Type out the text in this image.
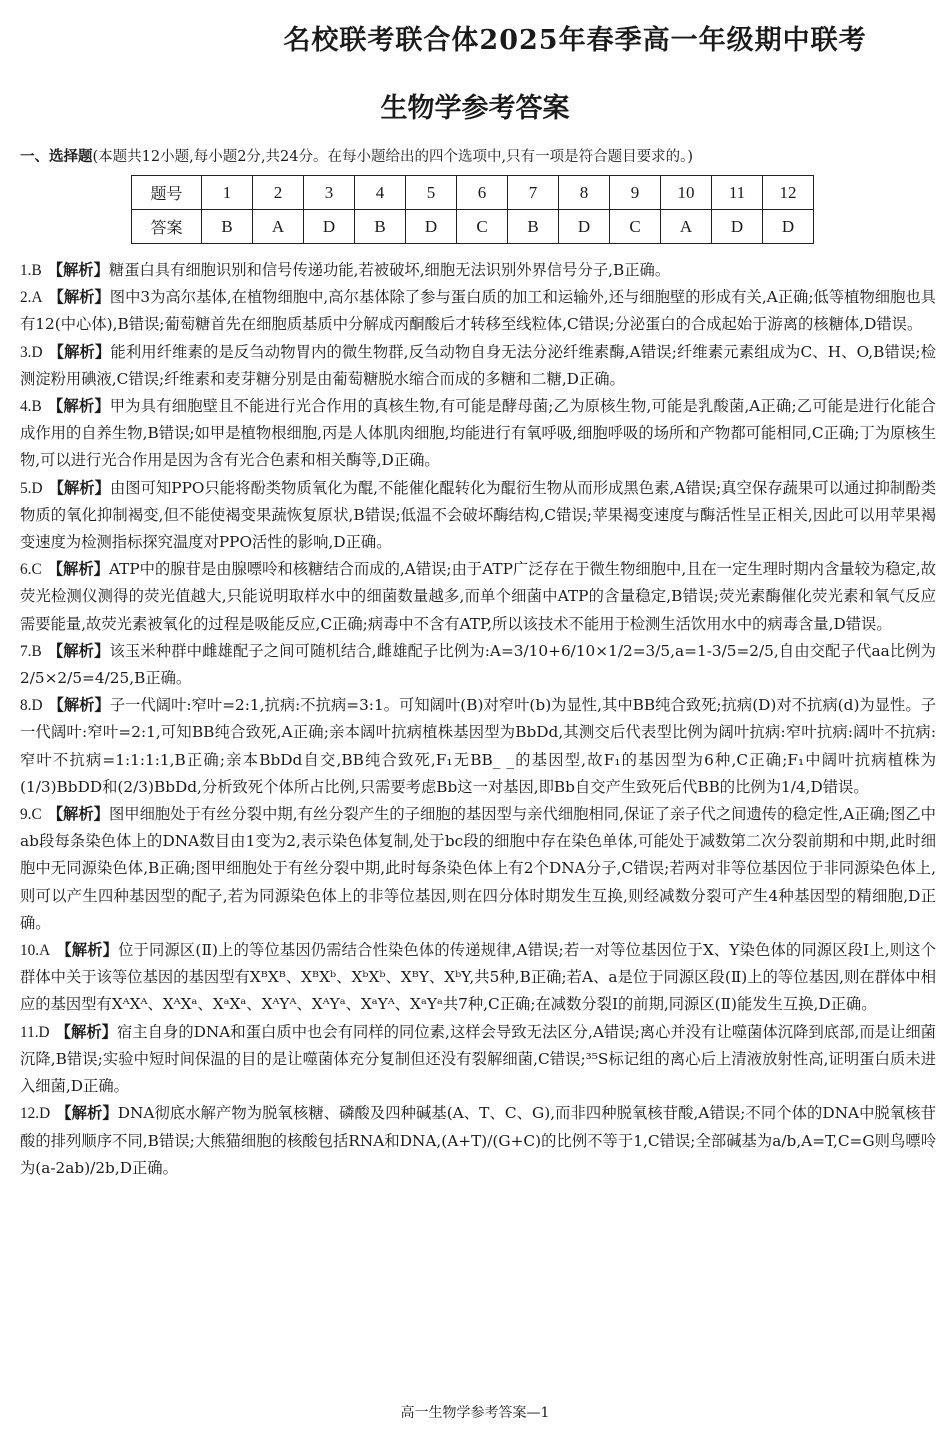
名校联考联合体2025年春季高一年级期中联考
生物学参考答案
一、选择题(本题共12小题,每小题2分,共24分。在每小题给出的四个选项中,只有一项是符合题目要求的。)
题号	1	2	3	4	5	6	7	8	9	10	11	12
答案	B	A	D	B	D	C	B	D	C	A	D	D
1.B 【解析】糖蛋白具有细胞识别和信号传递功能,若被破坏,细胞无法识别外界信号分子,B正确。
2.A 【解析】图中3为高尔基体,在植物细胞中,高尔基体除了参与蛋白质的加工和运输外,还与细胞壁的形成有关,A正确;低等植物细胞也具有12(中心体),B错误;葡萄糖首先在细胞质基质中分解成丙酮酸后才转移至线粒体,C错误;分泌蛋白的合成起始于游离的核糖体,D错误。
3.D 【解析】能利用纤维素的是反刍动物胃内的微生物群,反刍动物自身无法分泌纤维素酶,A错误;纤维素元素组成为C、H、O,B错误;检测淀粉用碘液,C错误;纤维素和麦芽糖分别是由葡萄糖脱水缩合而成的多糖和二糖,D正确。
4.B 【解析】甲为具有细胞壁且不能进行光合作用的真核生物,有可能是酵母菌;乙为原核生物,可能是乳酸菌,A正确;乙可能是进行化能合成作用的自养生物,B错误;如甲是植物根细胞,丙是人体肌肉细胞,均能进行有氧呼吸,细胞呼吸的场所和产物都可能相同,C正确;丁为原核生物,可以进行光合作用是因为含有光合色素和相关酶等,D正确。
5.D 【解析】由图可知PPO只能将酚类物质氧化为醌,不能催化醌转化为醌衍生物从而形成黑色素,A错误;真空保存蔬果可以通过抑制酚类物质的氧化抑制褐变,但不能使褐变果蔬恢复原状,B错误;低温不会破坏酶结构,C错误;苹果褐变速度与酶活性呈正相关,因此可以用苹果褐变速度为检测指标探究温度对PPO活性的影响,D正确。
6.C 【解析】ATP中的腺苷是由腺嘌呤和核糖结合而成的,A错误;由于ATP广泛存在于微生物细胞中,且在一定生理时期内含量较为稳定,故荧光检测仪测得的荧光值越大,只能说明取样水中的细菌数量越多,而单个细菌中ATP的含量稳定,B错误;荧光素酶催化荧光素和氧气反应需要能量,故荧光素被氧化的过程是吸能反应,C正确;病毒中不含有ATP,所以该技术不能用于检测生活饮用水中的病毒含量,D错误。
7.B 【解析】该玉米种群中雌雄配子之间可随机结合,雌雄配子比例为:A=3/10+6/10×1/2=3/5,a=1-3/5=2/5,自由交配子代aa比例为2/5×2/5=4/25,B正确。
8.D 【解析】子一代阔叶:窄叶=2:1,抗病:不抗病=3:1。可知阔叶(B)对窄叶(b)为显性,其中BB纯合致死;抗病(D)对不抗病(d)为显性。子一代阔叶:窄叶=2:1,可知BB纯合致死,A正确;亲本阔叶抗病植株基因型为BbDd,其测交后代表型比例为阔叶抗病:窄叶抗病:阔叶不抗病:窄叶不抗病=1:1:1:1,B正确;亲本BbDd自交,BB纯合致死,F₁无BB_ _的基因型,故F₁的基因型为6种,C正确;F₁中阔叶抗病植株为(1/3)BbDD和(2/3)BbDd,分析致死个体所占比例,只需要考虑Bb这一对基因,即Bb自交产生致死后代BB的比例为1/4,D错误。
9.C 【解析】图甲细胞处于有丝分裂中期,有丝分裂产生的子细胞的基因型与亲代细胞相同,保证了亲子代之间遗传的稳定性,A正确;图乙中ab段每条染色体上的DNA数目由1变为2,表示染色体复制,处于bc段的细胞中存在染色单体,可能处于减数第二次分裂前期和中期,此时细胞中无同源染色体,B正确;图甲细胞处于有丝分裂中期,此时每条染色体上有2个DNA分子,C错误;若两对非等位基因位于非同源染色体上,则可以产生四种基因型的配子,若为同源染色体上的非等位基因,则在四分体时期发生互换,则经减数分裂可产生4种基因型的精细胞,D正确。
10.A 【解析】位于同源区(Ⅱ)上的等位基因仍需结合性染色体的传递规律,A错误;若一对等位基因位于X、Y染色体的同源区段Ⅰ上,则这个群体中关于该等位基因的基因型有XᴮXᴮ、XᴮXᵇ、XᵇXᵇ、XᴮY、XᵇY,共5种,B正确;若A、a是位于同源区段(Ⅱ)上的等位基因,则在群体中相应的基因型有XᴬXᴬ、XᴬXᵃ、XᵃXᵃ、XᴬYᴬ、XᴬYᵃ、XᵃYᴬ、XᵃYᵃ共7种,C正确;在减数分裂Ⅰ的前期,同源区(Ⅱ)能发生互换,D正确。
11.D 【解析】宿主自身的DNA和蛋白质中也会有同样的同位素,这样会导致无法区分,A错误;离心并没有让噬菌体沉降到底部,而是让细菌沉降,B错误;实验中短时间保温的目的是让噬菌体充分复制但还没有裂解细菌,C错误;³⁵S标记组的离心后上清液放射性高,证明蛋白质未进入细菌,D正确。
12.D 【解析】DNA彻底水解产物为脱氧核糖、磷酸及四种碱基(A、T、C、G),而非四种脱氧核苷酸,A错误;不同个体的DNA中脱氧核苷酸的排列顺序不同,B错误;大熊猫细胞的核酸包括RNA和DNA,(A+T)/(G+C)的比例不等于1,C错误;全部碱基为a/b,A=T,C=G则鸟嘌呤为(a-2ab)/2b,D正确。
高一生物学参考答案—1
